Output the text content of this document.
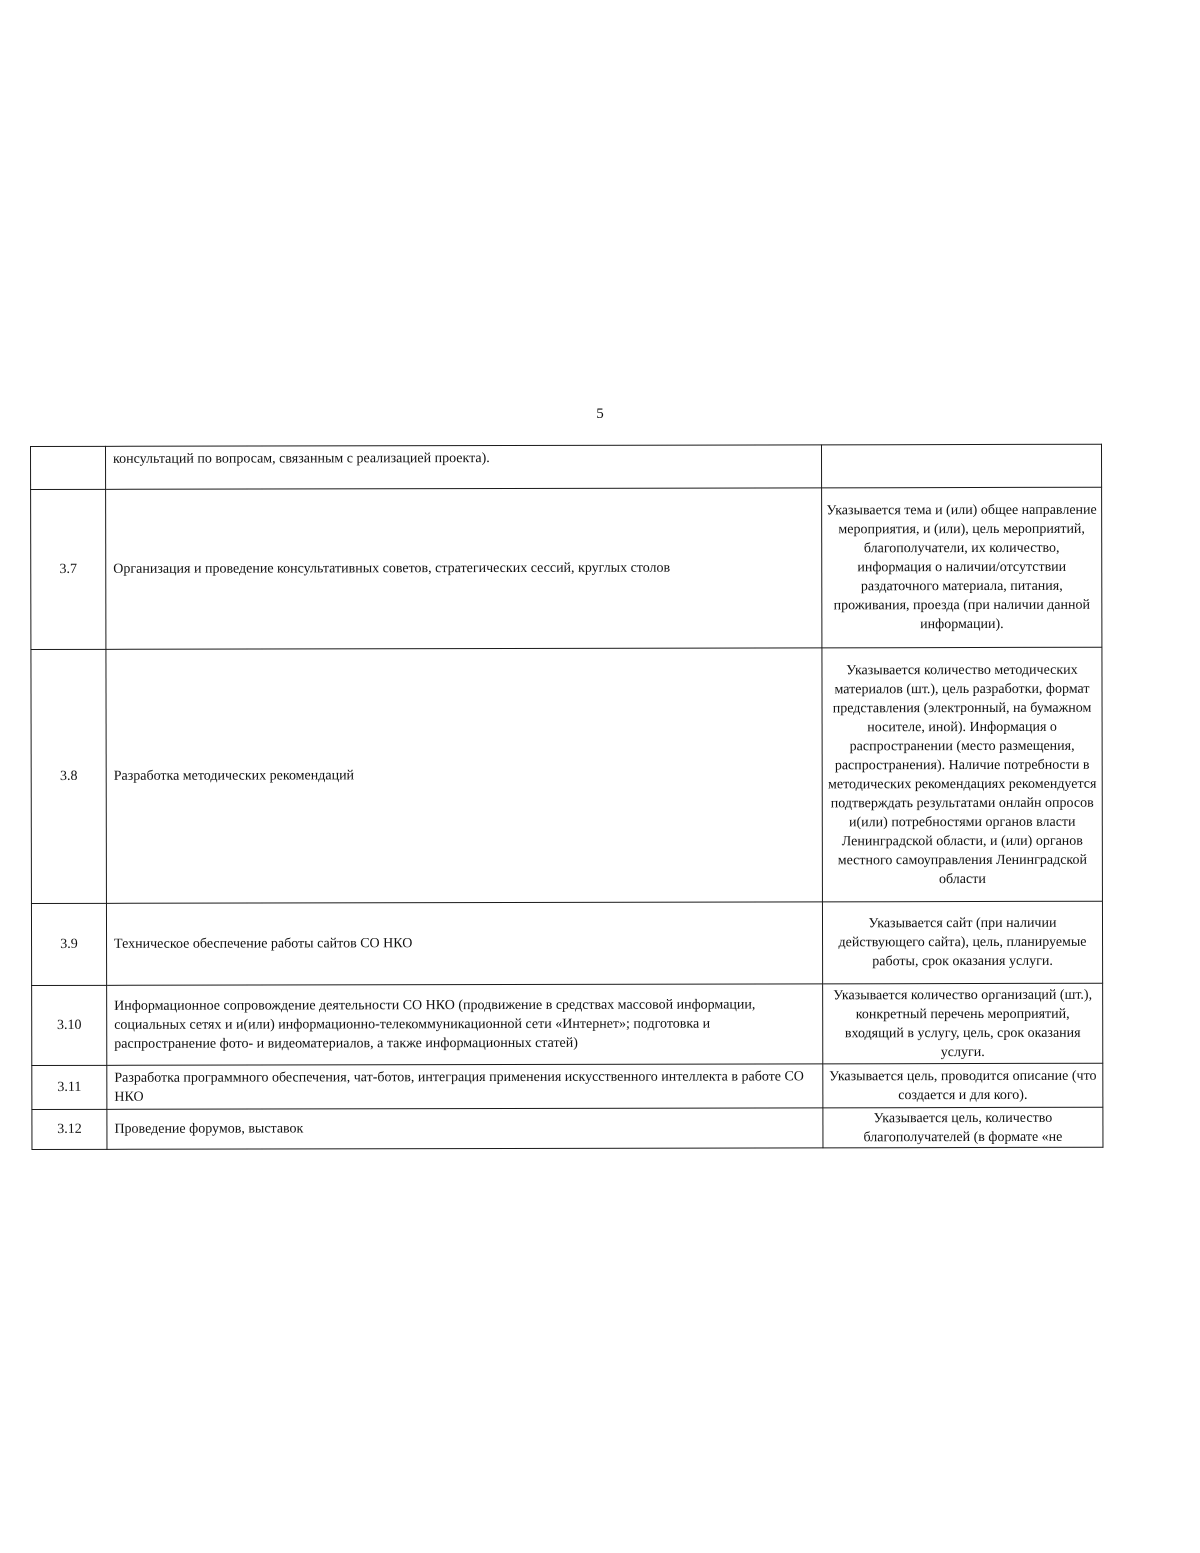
5
	консультаций по вопросам, связанным с реализацией проекта).	
3.7	Организация и проведение консультативных советов, стратегических сессий, круглых столов	Указывается тема и (или) общее направление мероприятия, и (или), цель мероприятий, благополучатели, их количество, информация о наличии/отсутствии раздаточного материала, питания, проживания, проезда (при наличии данной информации).
3.8	Разработка методических рекомендаций	Указывается количество методических материалов (шт.), цель разработки, формат представления (электронный, на бумажном носителе, иной). Информация о распространении (место размещения, распространения). Наличие потребности в методических рекомендациях рекомендуется подтверждать результатами онлайн опросов и(или) потребностями органов власти Ленинградской области, и (или) органов местного самоуправления Ленинградской области
3.9	Техническое обеспечение работы сайтов СО НКО	Указывается сайт (при наличии действующего сайта), цель, планируемые работы, срок оказания услуги.
3.10	Информационное сопровождение деятельности СО НКО (продвижение в средствах массовой информации, социальных сетях и и(или) информационно-телекоммуникационной сети «Интернет»; подготовка и распространение фото- и видеоматериалов, а также информационных статей)	Указывается количество организаций (шт.), конкретный перечень мероприятий, входящий в услугу, цель, срок оказания услуги.
3.11	Разработка программного обеспечения, чат-ботов, интеграция применения искусственного интеллекта в работе СО НКО	Указывается цель, проводится описание (что создается и для кого).
3.12	Проведение форумов, выставок	Указывается цель, количество благополучателей (в формате «не
